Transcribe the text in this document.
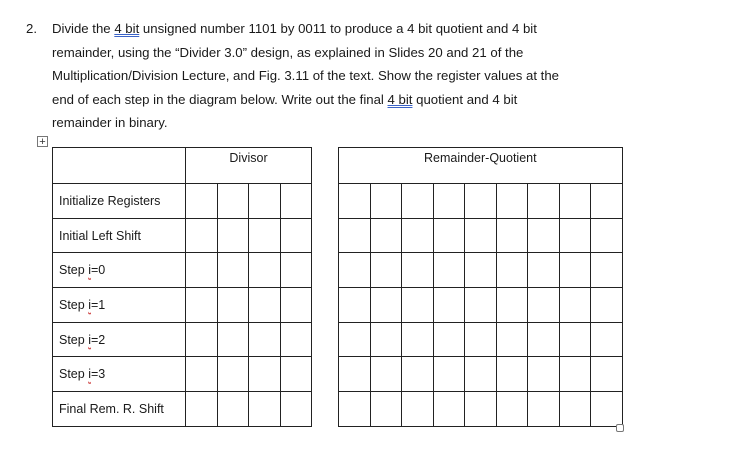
2. Divide the 4 bit unsigned number 1101 by 0011 to produce a 4 bit quotient and 4 bit
remainder, using the “Divider 3.0” design, as explained in Slides 20 and 21 of the
Multiplication/Division Lecture, and Fig. 3.11 of the text. Show the register values at the
end of each step in the diagram below. Write out the final 4 bit quotient and 4 bit
remainder in binary.
+
	Divisor					Remainder-Quotient								
Initialize Registers														
Initial Left Shift														
Step i=0														
Step i=1														
Step i=2														
Step i=3														
Final Rem. R. Shift														
